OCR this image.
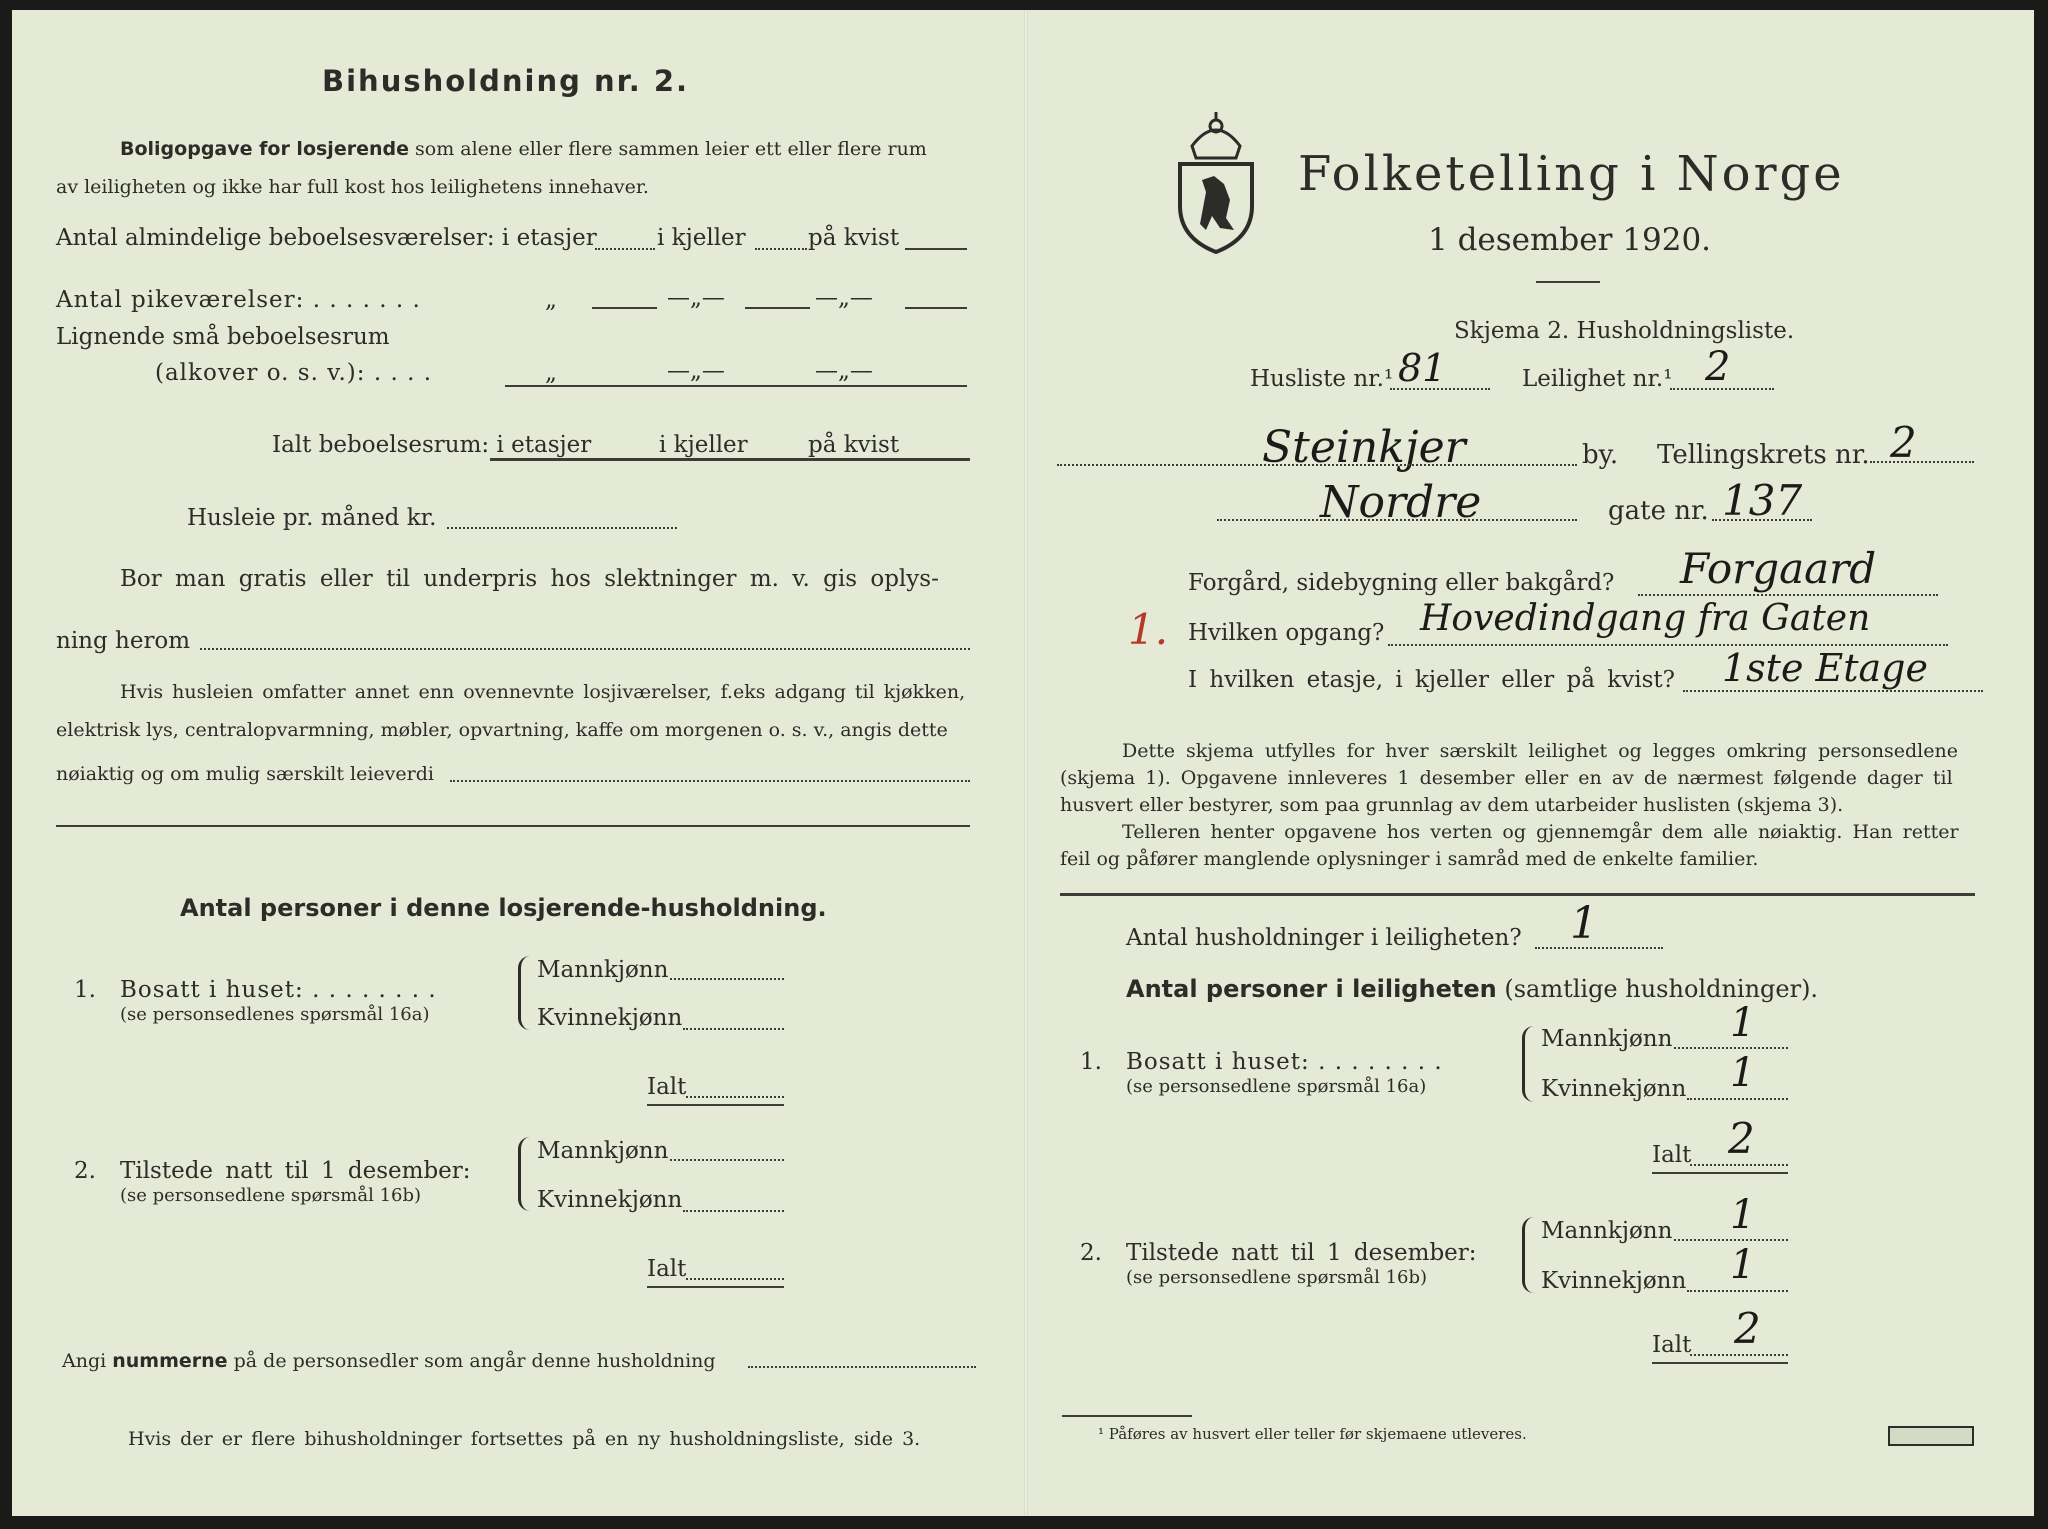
Bihusholdning nr. 2.
Boligopgave for losjerende som alene eller flere sammen leier ett eller flere rum
av leiligheten og ikke har full kost hos leilighetens innehaver.
Antal almindelige beboelsesværelser: i etasjer	i kjeller	på kvist
Antal pikeværelser: . . . . . . .	„	—„—	—„—
Lignende små beboelsesrum
(alkover o. s. v.): . . . .	„	—„—	—„—
Ialt beboelsesrum: i etasjer	i kjeller	på kvist
Husleie pr. måned kr.
Bor man gratis eller til underpris hos slektninger m. v. gis oplys-
ning herom
Hvis husleien omfatter annet enn ovennevnte losjiværelser, f.eks adgang til kjøkken,
elektrisk lys, centralopvarmning, møbler, opvartning, kaffe om morgenen o. s. v., angis dette
nøiaktig og om mulig særskilt leieverdi
Antal personer i denne losjerende-husholdning.
1. Bosatt i huset: . . . . . . . .
(se personsedlenes spørsmål 16a)
Mannkjønn
Kvinnekjønn
Ialt
2. Tilstede natt til 1 desember:
(se personsedlene spørsmål 16b)
Mannkjønn
Kvinnekjønn
Ialt
Angi nummerne på de personsedler som angår denne husholdning
Hvis der er flere bihusholdninger fortsettes på en ny husholdningsliste, side 3.
Folketelling i Norge
1 desember 1920.
Skjema 2. Husholdningsliste.
Husliste nr.¹ 81	Leilighet nr.¹ 2
Steinkjer	by. Tellingskrets nr. 2
Nordre	gate nr. 137
Forgård, sidebygning eller bakgård? Forgaard
1. Hvilken opgang? Hovedindgang fra Gaten
I hvilken etasje, i kjeller eller på kvist? 1ste Etage
Dette skjema utfylles for hver særskilt leilighet og legges omkring personsedlene
(skjema 1). Opgavene innleveres 1 desember eller en av de nærmest følgende dager til
husvert eller bestyrer, som paa grunnlag av dem utarbeider huslisten (skjema 3).
Telleren henter opgavene hos verten og gjennemgår dem alle nøiaktig. Han retter
feil og påfører manglende oplysninger i samråd med de enkelte familier.
Antal husholdninger i leiligheten? 1
Antal personer i leiligheten (samtlige husholdninger).
1. Bosatt i huset: . . . . . . . .
(se personsedlene spørsmål 16a)
Mannkjønn 1
Kvinnekjønn 1
Ialt 2
2. Tilstede natt til 1 desember:
(se personsedlene spørsmål 16b)
Mannkjønn 1
Kvinnekjønn 1
Ialt 2
¹ Påføres av husvert eller teller før skjemaene utleveres.
